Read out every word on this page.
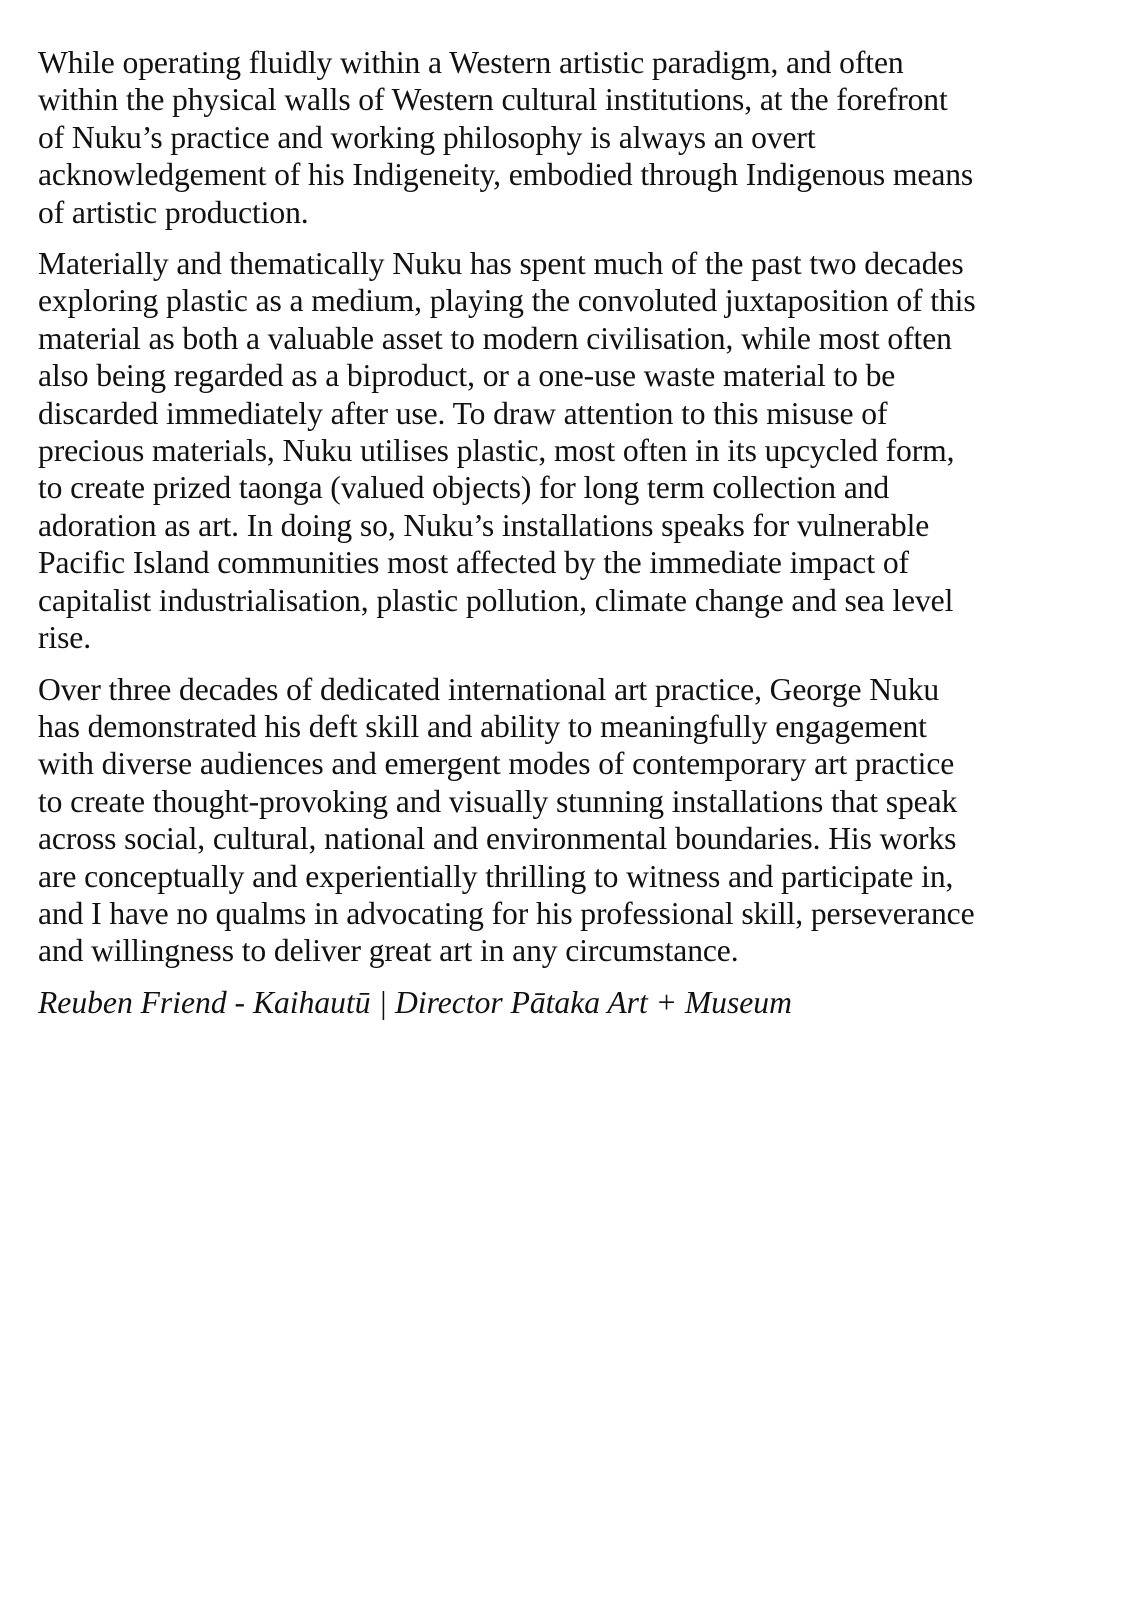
While operating fluidly within a Western artistic paradigm, and often
within the physical walls of Western cultural institutions, at the forefront
of Nuku’s practice and working philosophy is always an overt
acknowledgement of his Indigeneity, embodied through Indigenous means
of artistic production.

Materially and thematically Nuku has spent much of the past two decades
exploring plastic as a medium, playing the convoluted juxtaposition of this
material as both a valuable asset to modern civilisation, while most often
also being regarded as a biproduct, or a one-use waste material to be
discarded immediately after use. To draw attention to this misuse of
precious materials, Nuku utilises plastic, most often in its upcycled form,
to create prized taonga (valued objects) for long term collection and
adoration as art. In doing so, Nuku’s installations speaks for vulnerable
Pacific Island communities most affected by the immediate impact of
capitalist industrialisation, plastic pollution, climate change and sea level
rise.

Over three decades of dedicated international art practice, George Nuku
has demonstrated his deft skill and ability to meaningfully engagement
with diverse audiences and emergent modes of contemporary art practice
to create thought-provoking and visually stunning installations that speak
across social, cultural, national and environmental boundaries. His works
are conceptually and experientially thrilling to witness and participate in,
and I have no qualms in advocating for his professional skill, perseverance
and willingness to deliver great art in any circumstance.

Reuben Friend - Kaihautū | Director Pātaka Art + Museum
